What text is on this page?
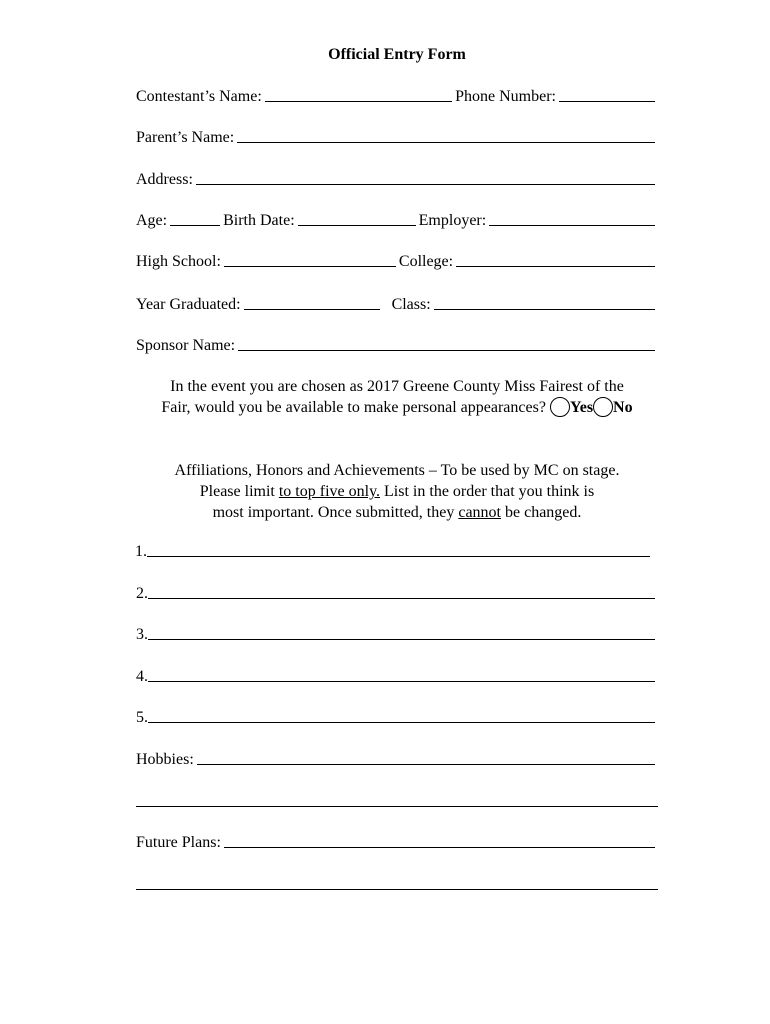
Official Entry Form
Contestant’s Name:	Phone Number:
Parent’s Name:
Address:
Age:	Birth Date:	Employer:
High School:	College:
Year Graduated:	Class:
Sponsor Name:
In the event you are chosen as 2017 Greene County Miss Fairest of the
Fair, would you be available to make personal appearances? Yes No
Affiliations, Honors and Achievements – To be used by MC on stage.
Please limit to top five only. List in the order that you think is
most important. Once submitted, they cannot be changed.
1.
2.
3.
4.
5.
Hobbies:
Future Plans:
